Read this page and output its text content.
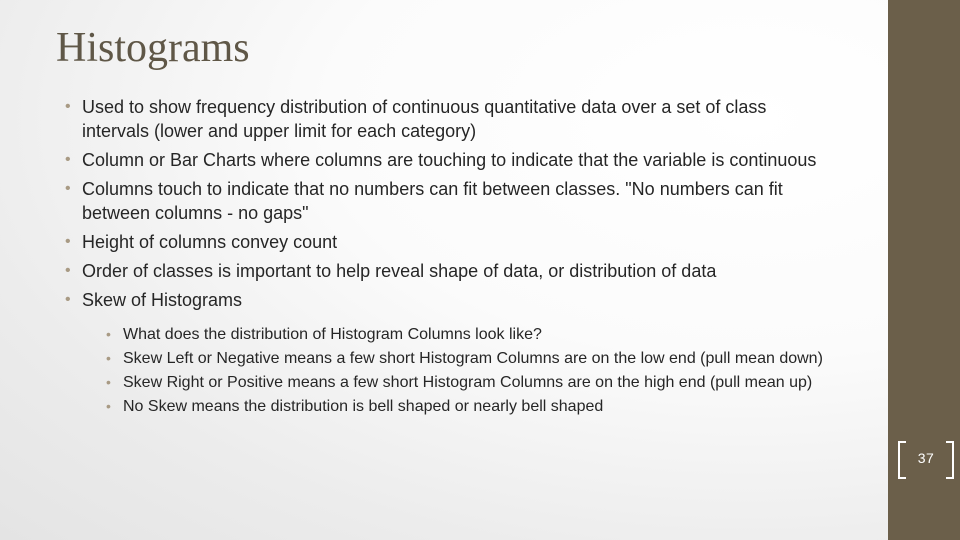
Histograms
• Used to show frequency distribution of continuous quantitative data over a set of class intervals (lower and upper limit for each category)
• Column or Bar Charts where columns are touching to indicate that the variable is continuous
• Columns touch to indicate that no numbers can fit between classes. "No numbers can fit between columns - no gaps"
• Height of columns convey count
• Order of classes is important to help reveal shape of data, or distribution of data
• Skew of Histograms
• What does the distribution of Histogram Columns look like?
• Skew Left or Negative means a few short Histogram Columns are on the low end (pull mean down)
• Skew Right or Positive means a few short Histogram Columns are on the high end (pull mean up)
• No Skew means the distribution is bell shaped or nearly bell shaped
37
